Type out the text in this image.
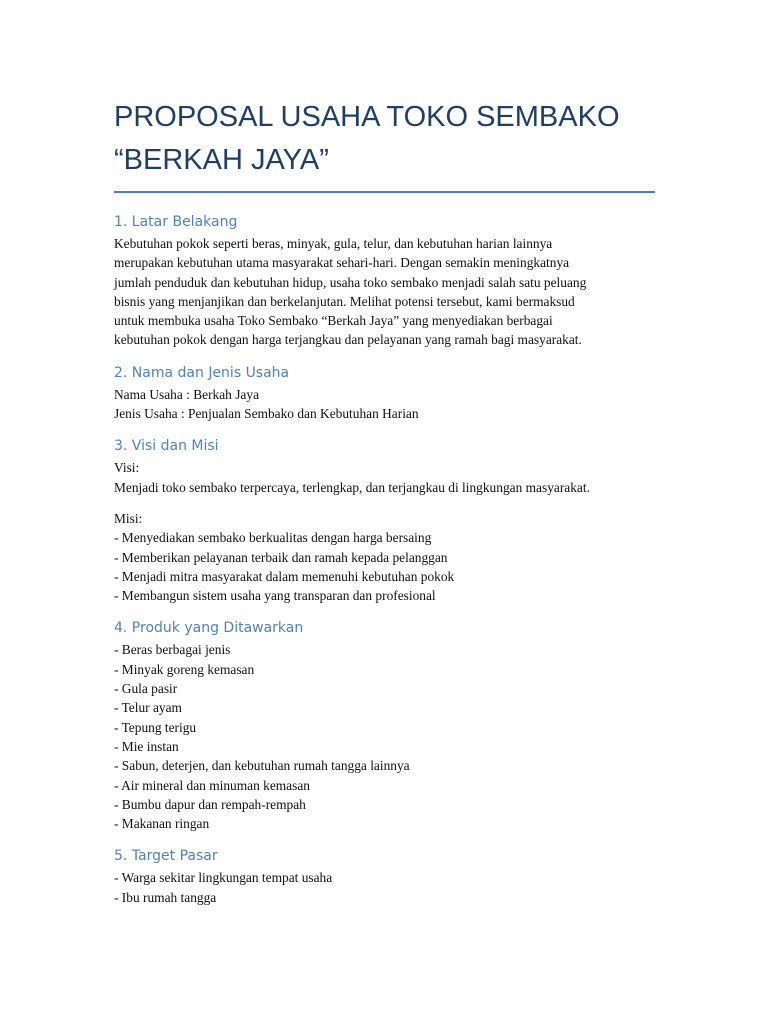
PROPOSAL USAHA TOKO SEMBAKO
“BERKAH JAYA”
1. Latar Belakang

Kebutuhan pokok seperti beras, minyak, gula, telur, dan kebutuhan harian lainnya
merupakan kebutuhan utama masyarakat sehari-hari. Dengan semakin meningkatnya
jumlah penduduk dan kebutuhan hidup, usaha toko sembako menjadi salah satu peluang
bisnis yang menjanjikan dan berkelanjutan. Melihat potensi tersebut, kami bermaksud
untuk membuka usaha Toko Sembako “Berkah Jaya” yang menyediakan berbagai
kebutuhan pokok dengan harga terjangkau dan pelayanan yang ramah bagi masyarakat.

2. Nama dan Jenis Usaha

Nama Usaha : Berkah Jaya
Jenis Usaha : Penjualan Sembako dan Kebutuhan Harian

3. Visi dan Misi

Visi:
Menjadi toko sembako terpercaya, terlengkap, dan terjangkau di lingkungan masyarakat.

Misi:
- Menyediakan sembako berkualitas dengan harga bersaing
- Memberikan pelayanan terbaik dan ramah kepada pelanggan
- Menjadi mitra masyarakat dalam memenuhi kebutuhan pokok
- Membangun sistem usaha yang transparan dan profesional

4. Produk yang Ditawarkan

- Beras berbagai jenis
- Minyak goreng kemasan
- Gula pasir
- Telur ayam
- Tepung terigu
- Mie instan
- Sabun, deterjen, dan kebutuhan rumah tangga lainnya
- Air mineral dan minuman kemasan
- Bumbu dapur dan rempah-rempah
- Makanan ringan

5. Target Pasar

- Warga sekitar lingkungan tempat usaha
- Ibu rumah tangga
